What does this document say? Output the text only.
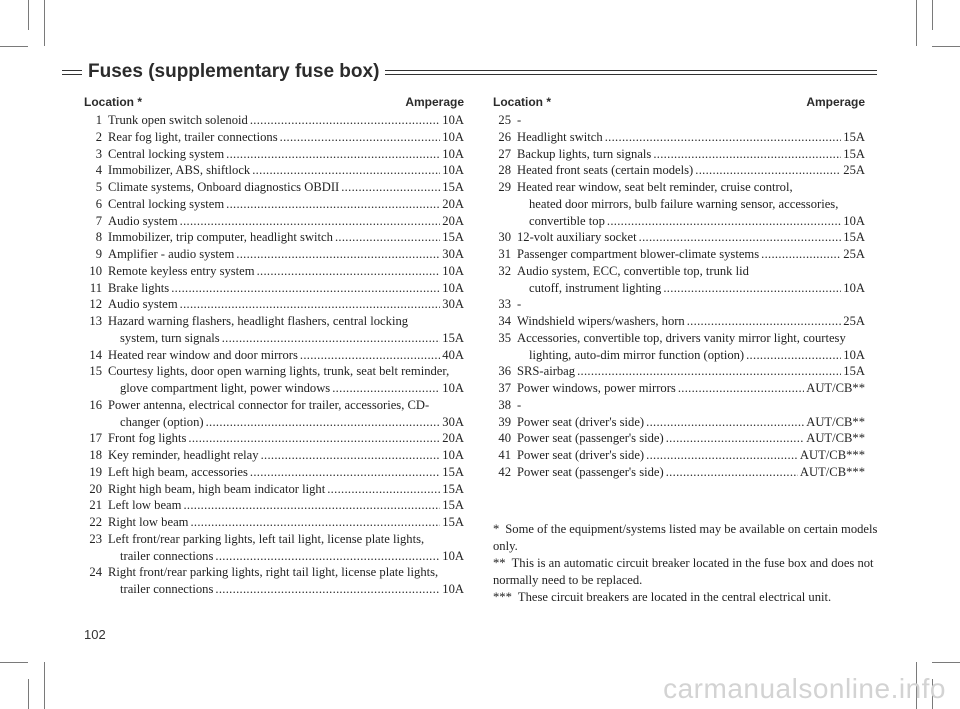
Fuses (supplementary fuse box)
Location *	Amperage
1 Trunk open switch solenoid .....	10A
2 Rear fog light, trailer connections .....	10A
3 Central locking system .....	10A
4 Immobilizer, ABS, shiftlock .....	10A
5 Climate systems, Onboard diagnostics OBDII .....	15A
6 Central locking system .....	20A
7 Audio system .....	20A
8 Immobilizer, trip computer, headlight switch .....	15A
9 Amplifier - audio system .....	30A
10 Remote keyless entry system .....	10A
11 Brake lights .....	10A
12 Audio system .....	30A
13 Hazard warning flashers, headlight flashers, central locking
system, turn signals .....	15A
14 Heated rear window and door mirrors .....	40A
15 Courtesy lights, door open warning lights, trunk, seat belt reminder,
glove compartment light, power windows .....	10A
16 Power antenna, electrical connector for trailer, accessories, CD-
changer (option) .....	30A
17 Front fog lights .....	20A
18 Key reminder, headlight relay .....	10A
19 Left high beam, accessories .....	15A
20 Right high beam, high beam indicator light .....	15A
21 Left low beam .....	15A
22 Right low beam .....	15A
23 Left front/rear parking lights, left tail light, license plate lights,
trailer connections .....	10A
24 Right front/rear parking lights, right tail light, license plate lights,
trailer connections .....	10A
Location *	Amperage
25 -
26 Headlight switch .....	15A
27 Backup lights, turn signals .....	15A
28 Heated front seats (certain models) .....	25A
29 Heated rear window, seat belt reminder, cruise control,
heated door mirrors, bulb failure warning sensor, accessories,
convertible top .....	10A
30 12-volt auxiliary socket .....	15A
31 Passenger compartment blower-climate systems .....	25A
32 Audio system, ECC, convertible top, trunk lid
cutoff, instrument lighting .....	10A
33 -
34 Windshield wipers/washers, horn .....	25A
35 Accessories, convertible top, drivers vanity mirror light, courtesy
lighting, auto-dim mirror function (option) .....	10A
36 SRS-airbag .....	15A
37 Power windows, power mirrors .....	AUT/CB**
38 -
39 Power seat (driver's side) .....	AUT/CB**
40 Power seat (passenger's side) .....	AUT/CB**
41 Power seat (driver's side) .....	AUT/CB***
42 Power seat (passenger's side) .....	AUT/CB***
* Some of the equipment/systems listed may be available on certain models only.
** This is an automatic circuit breaker located in the fuse box and does not normally need to be replaced.
*** These circuit breakers are located in the central electrical unit.
102
carmanualsonline.info
